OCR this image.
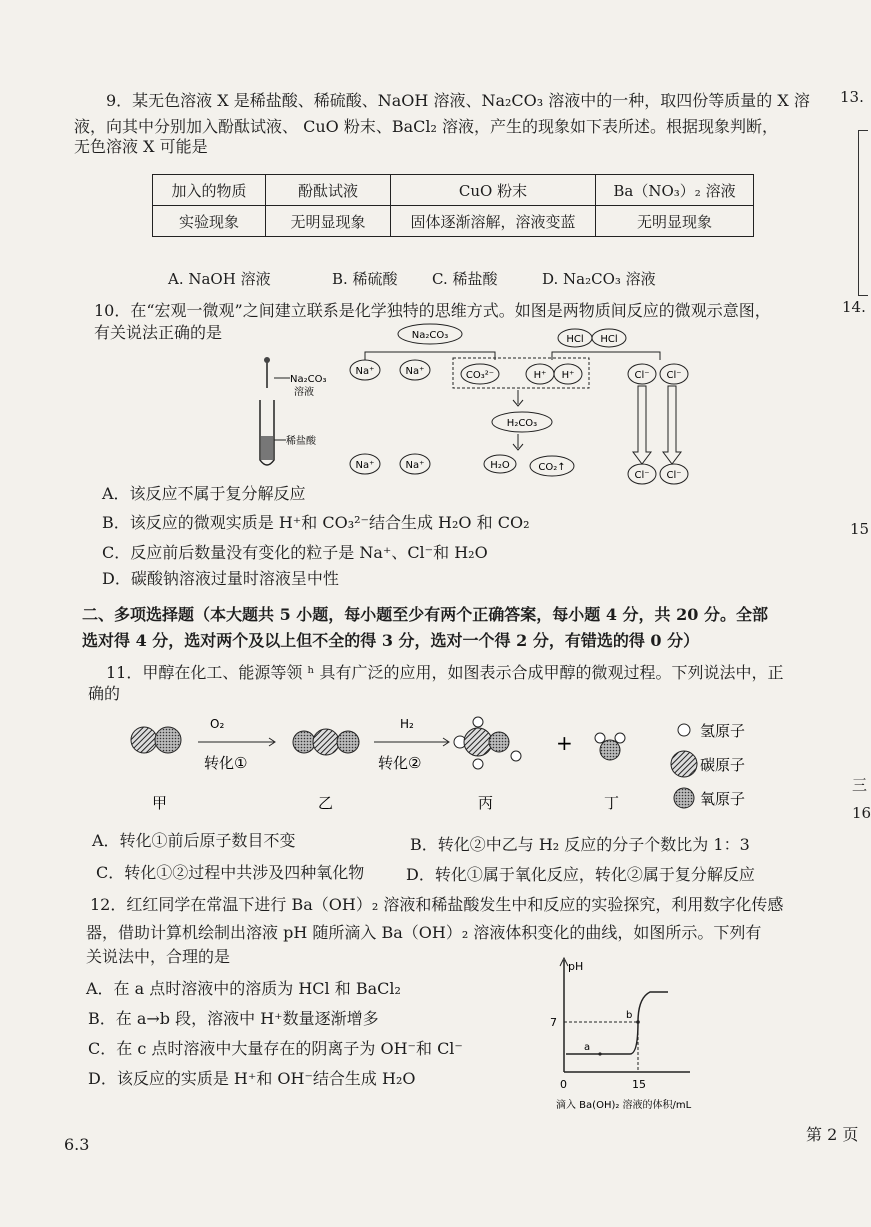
9．某无色溶液 X 是稀盐酸、稀硫酸、NaOH 溶液、Na₂CO₃ 溶液中的一种，取四份等质量的 X 溶
液，向其中分别加入酚酞试液、 CuO 粉末、BaCl₂ 溶液，产生的现象如下表所述。根据现象判断，
无色溶液 X 可能是
加入的物质	酚酞试液	CuO 粉末	Ba（NO₃）₂ 溶液
实验现象	无明显现象	固体逐渐溶解，溶液变蓝	无明显现象
A. NaOH 溶液	B. 稀硫酸 C. 稀盐酸	D. Na₂CO₃ 溶液
10．在“宏观一微观”之间建立联系是化学独特的思维方式。如图是两物质间反应的微观示意图，
有关说法正确的是
Na₂CO₃
溶液
稀盐酸
Na₂CO₃	HCl HCl
Na⁺	Na⁺	CO₃²⁻	H⁺ H⁺	Cl⁻ Cl⁻
H₂CO₃
Na⁺	Na⁺	H₂O	CO₂↑
Cl⁻ Cl⁻
A．该反应不属于复分解反应
B．该反应的微观实质是 H⁺和 CO₃²⁻结合生成 H₂O 和 CO₂
C．反应前后数量没有变化的粒子是 Na⁺、Cl⁻和 H₂O
D．碳酸钠溶液过量时溶液呈中性
二、多项选择题（本大题共 5 小题，每小题至少有两个正确答案，每小题 4 分，共 20 分。全部
选对得 4 分，选对两个及以上但不全的得 3 分，选对一个得 2 分，有错选的得 0 分）
11．甲醇在化工、能源等领 ʰ 具有广泛的应用，如图表示合成甲醇的微观过程。下列说法中，正
确的
O₂
转化①
H₂
转化②
+	氢原子
碳原子
氧原子
甲	乙	丙	丁
A．转化①前后原子数目不变	B．转化②中乙与 H₂ 反应的分子个数比为 1：3
C．转化①②过程中共涉及四种氧化物	D．转化①属于氧化反应，转化②属于复分解反应
12．红红同学在常温下进行 Ba（OH）₂ 溶液和稀盐酸发生中和反应的实验探究，利用数字化传感
器，借助计算机绘制出溶液 pH 随所滴入 Ba（OH）₂ 溶液体积变化的曲线，如图所示。下列有
关说法中，合理的是
A．在 a 点时溶液中的溶质为 HCl 和 BaCl₂
B．在 a→b 段，溶液中 H⁺数量逐渐增多
C．在 c 点时溶液中大量存在的阴离子为 OH⁻和 Cl⁻
D．该反应的实质是 H⁺和 OH⁻结合生成 H₂O
pH
7
a
b
0	15
滴入 Ba(OH)₂ 溶液的体积/mL
6.3
第 2 页
13.
14.
15
三
16
